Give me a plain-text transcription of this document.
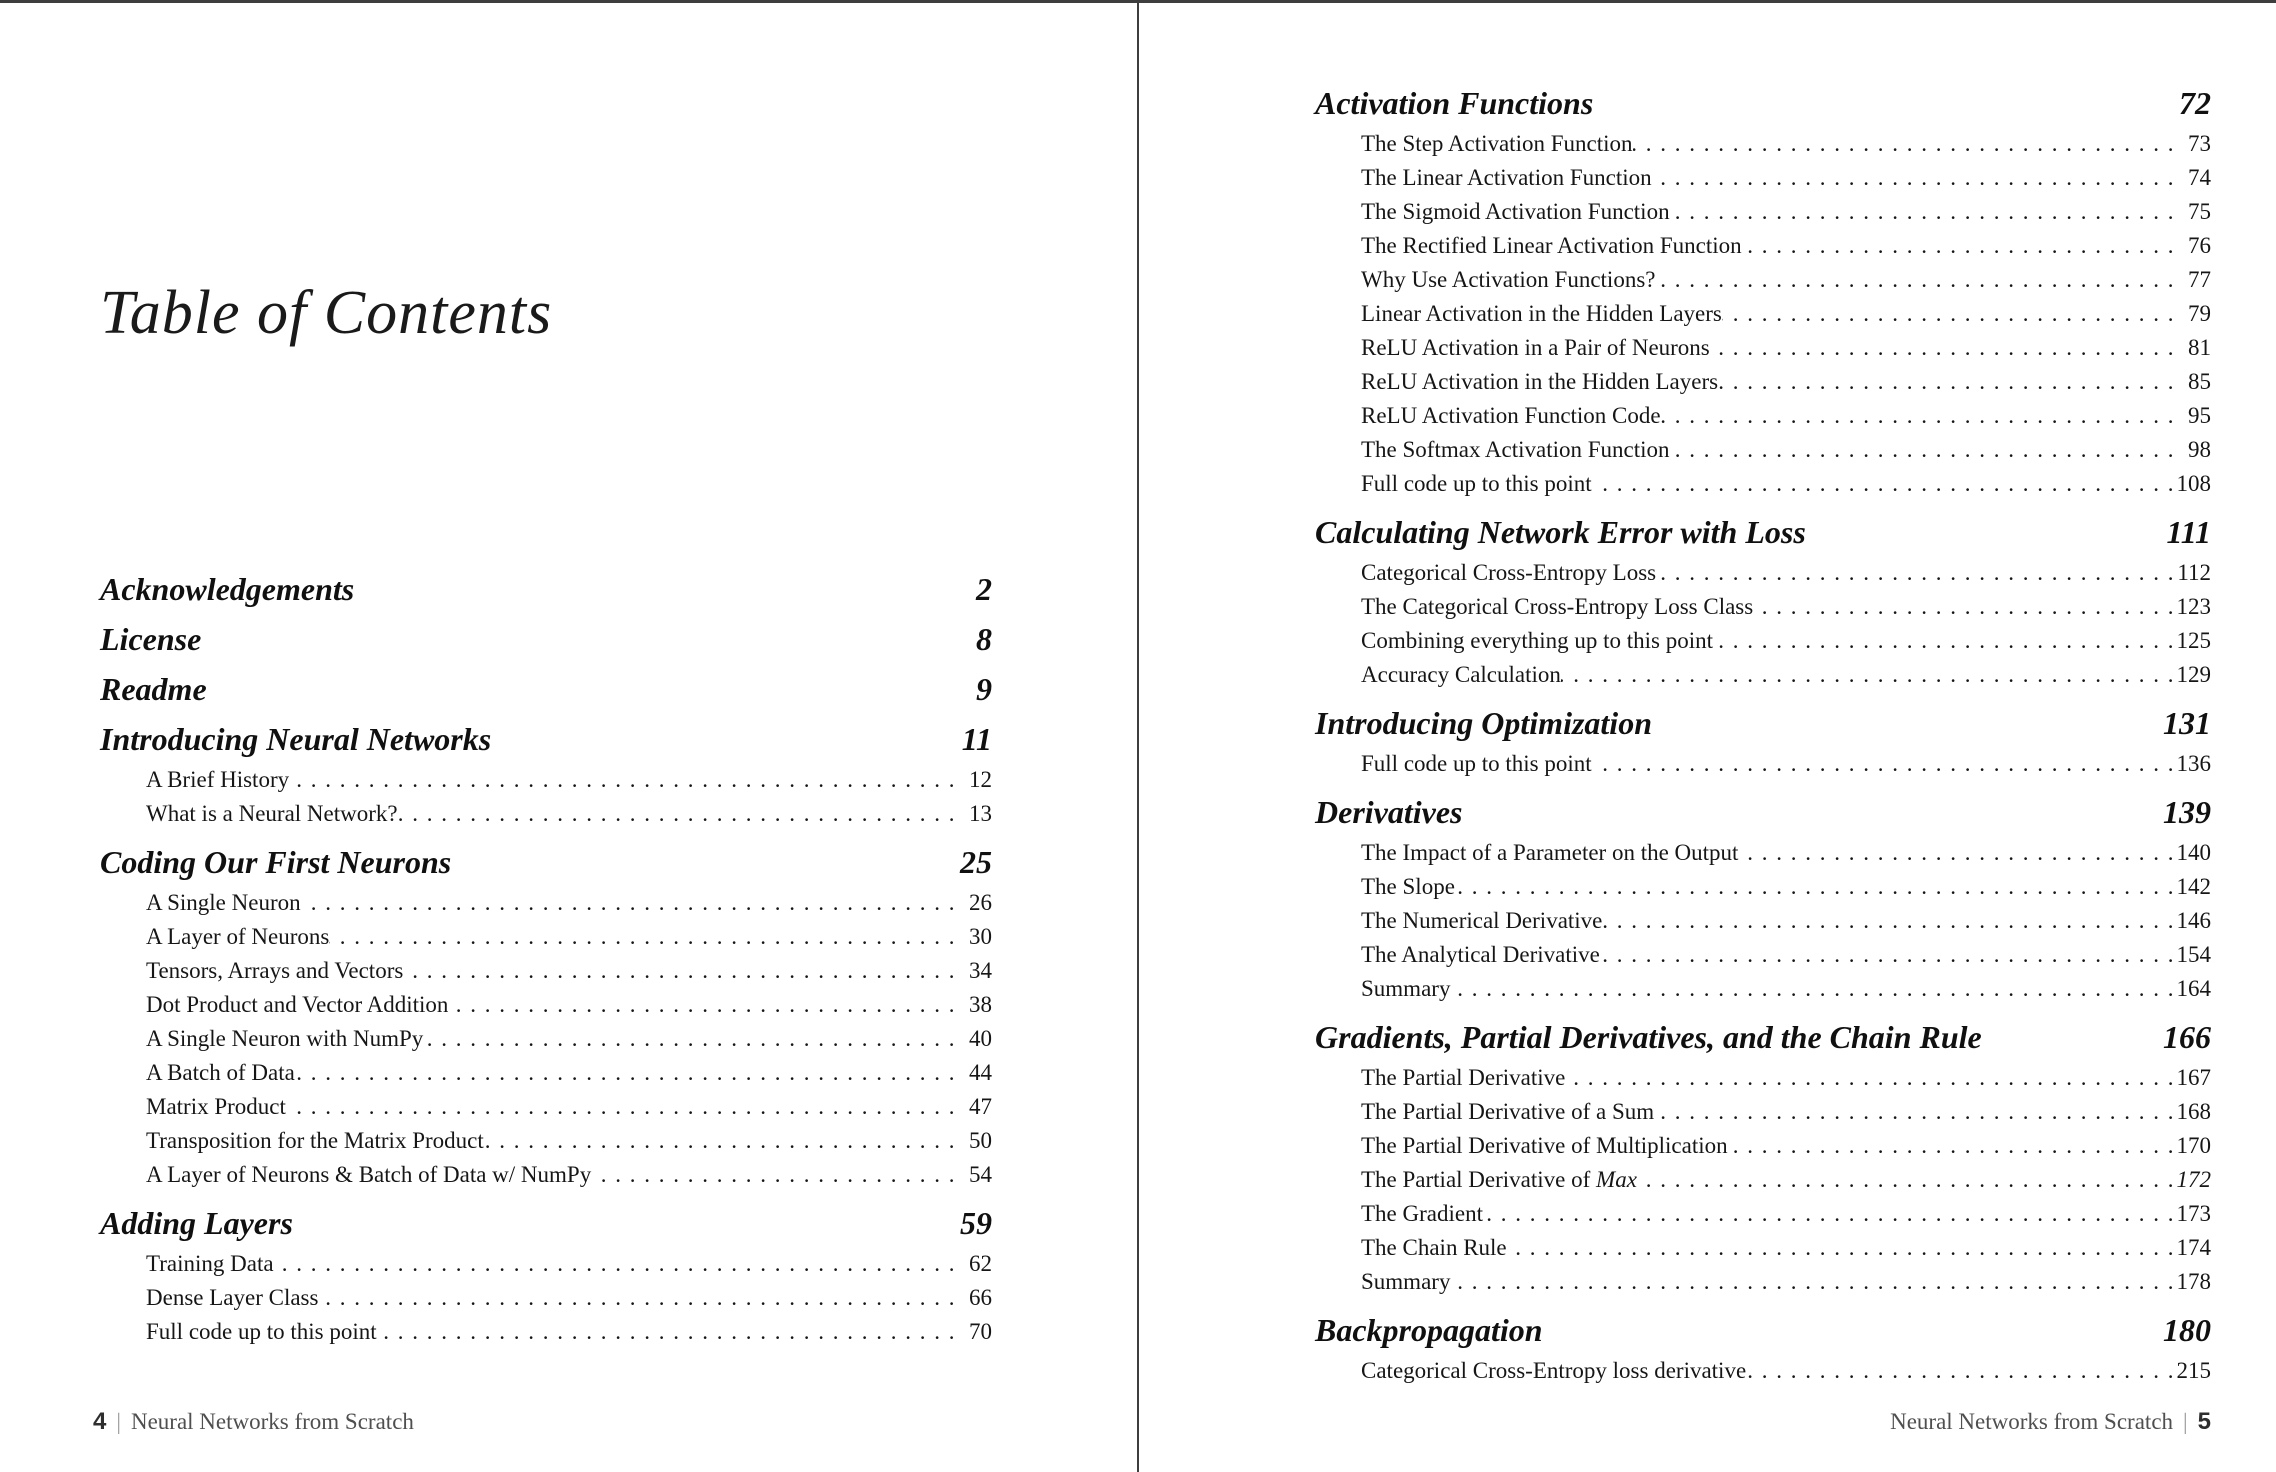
Table of Contents
Acknowledgements	2
License	8
Readme	9
Introducing Neural Networks	11
A Brief History . . .	12
What is a Neural Network? . . .	13
Coding Our First Neurons	25
A Single Neuron . . .	26
A Layer of Neurons . . .	30
Tensors, Arrays and Vectors . . .	34
Dot Product and Vector Addition . . .	38
A Single Neuron with NumPy . . .	40
A Batch of Data . . .	44
Matrix Product . . .	47
Transposition for the Matrix Product . . .	50
A Layer of Neurons & Batch of Data w/ NumPy . . .	54
Adding Layers	59
Training Data . . .	62
Dense Layer Class . . .	66
Full code up to this point . . .	70
Activation Functions	72
The Step Activation Function . . .	73
The Linear Activation Function . . .	74
The Sigmoid Activation Function . . .	75
The Rectified Linear Activation Function . . .	76
Why Use Activation Functions? . . .	77
Linear Activation in the Hidden Layers . . .	79
ReLU Activation in a Pair of Neurons . . .	81
ReLU Activation in the Hidden Layers . . .	85
ReLU Activation Function Code . . .	95
The Softmax Activation Function . . .	98
Full code up to this point . . .	108
Calculating Network Error with Loss	111
Categorical Cross-Entropy Loss . . .	112
The Categorical Cross-Entropy Loss Class . . .	123
Combining everything up to this point . . .	125
Accuracy Calculation . . .	129
Introducing Optimization	131
Full code up to this point . . .	136
Derivatives	139
The Impact of a Parameter on the Output . . .	140
The Slope . . .	142
The Numerical Derivative . . .	146
The Analytical Derivative . . .	154
Summary . . .	164
Gradients, Partial Derivatives, and the Chain Rule	166
The Partial Derivative . . .	167
The Partial Derivative of a Sum . . .	168
The Partial Derivative of Multiplication . . .	170
The Partial Derivative of Max . . .	172
The Gradient . . .	173
The Chain Rule . . .	174
Summary . . .	178
Backpropagation	180
Categorical Cross-Entropy loss derivative . . .	215
4 | Neural Networks from Scratch	Neural Networks from Scratch | 5
